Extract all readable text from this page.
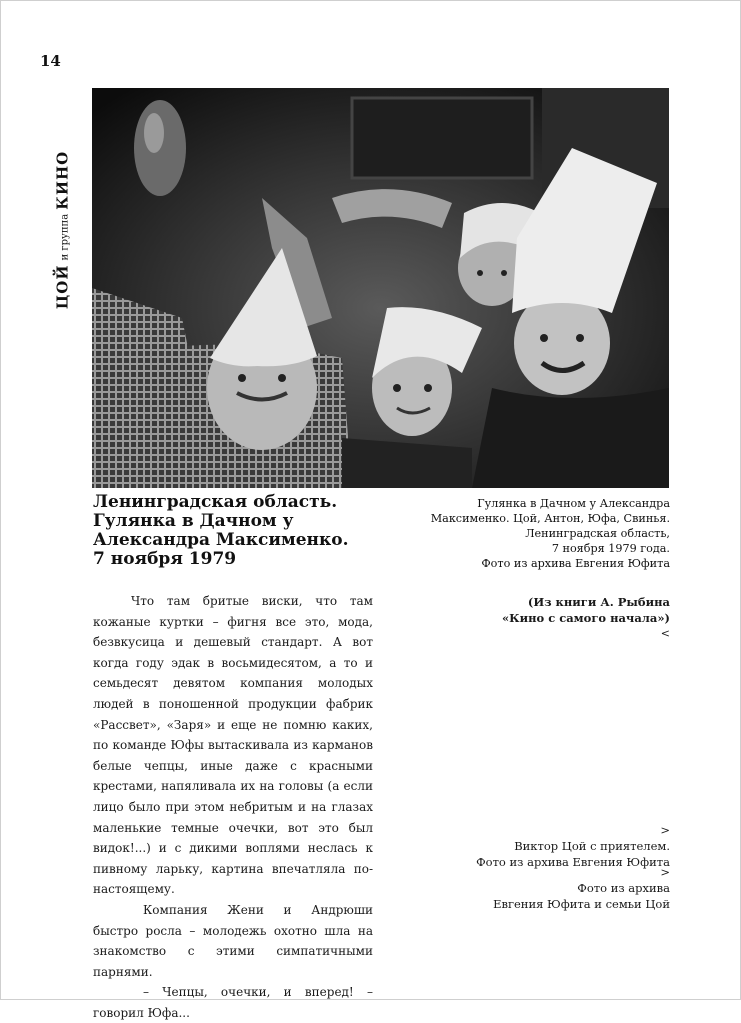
14
ЦОЙи группаКИНО
Ленинградская область.
Гулянка в Дачном у
Александра Максименко.
7 ноября 1979
Гулянка в Дачном у Александра
Максименко. Цой, Антон, Юфа, Свинья.
Ленинградская область,
7 ноября 1979 года.
Фото из архива Евгения Юфита
(Из книги А. Рыбина
«Кино с самого начала»)
<

Что там бритые виски, что там кожаные куртки – фигня все это, мода, безвкусица и дешевый стандарт. А вот когда году эдак в восьмидесятом, а то и семьдесят девятом компания молодых людей в поношенной продукции фабрик «Рассвет», «Заря» и еще не помню каких, по команде Юфы вытаскивала из карманов белые чепцы, иные даже с красными крестами, напяливала их на головы (а если лицо было при этом небритым и на глазах маленькие темные очечки, вот это был видок!...) и с дикими воплями неслась к пивному ларьку, картина впечатляла по-настоящему.

Компания Жени и Андрюши быстро росла – молодежь охотно шла на знакомство с этими симпатичными парнями.

– Чепцы, очечки, и вперед! – говорил Юфа...

>
Виктор Цой с приятелем.
Фото из архива Евгения Юфита
>
Фото из архива
Евгения Юфита и семьи Цой
